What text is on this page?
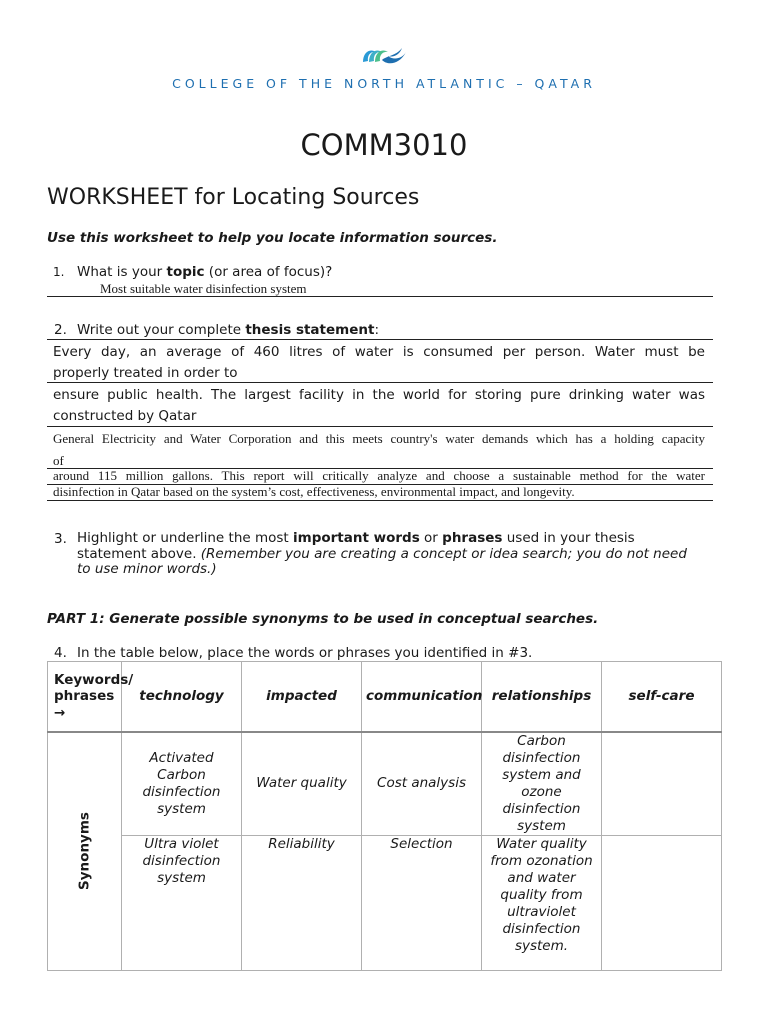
COLLEGE OF THE NORTH ATLANTIC – QATAR
COMM3010
WORKSHEET for Locating Sources
Use this worksheet to help you locate information sources.
1. What is your topic (or area of focus)?
Most suitable water disinfection system
2. Write out your complete thesis statement:
Every day, an average of 460 litres of water is consumed per person. Water must be
properly treated in order to
ensure public health. The largest facility in the world for storing pure drinking water was
constructed by Qatar
General Electricity and Water Corporation and this meets country's water demands which has a holding capacity
of
around 115 million gallons. This report will critically analyze and choose a sustainable method for the water
disinfection in Qatar based on the system’s cost, effectiveness, environmental impact, and longevity.
3. Highlight or underline the most important words or phrases used in your thesis statement above. (Remember you are creating a concept or idea search; you do not need to use minor words.)
PART 1: Generate possible synonyms to be used in conceptual searches.
4. In the table below, place the words or phrases you identified in #3.
Keywords/ phrases →	technology	impacted	communication	relationships	self-care

Synonyms	Activated Carbon disinfection system	Water quality	Cost analysis	Carbon disinfection system and ozone disinfection system	
	Ultra violet disinfection system	Reliability	Selection	Water quality from ozonation and water quality from ultraviolet disinfection system.	
